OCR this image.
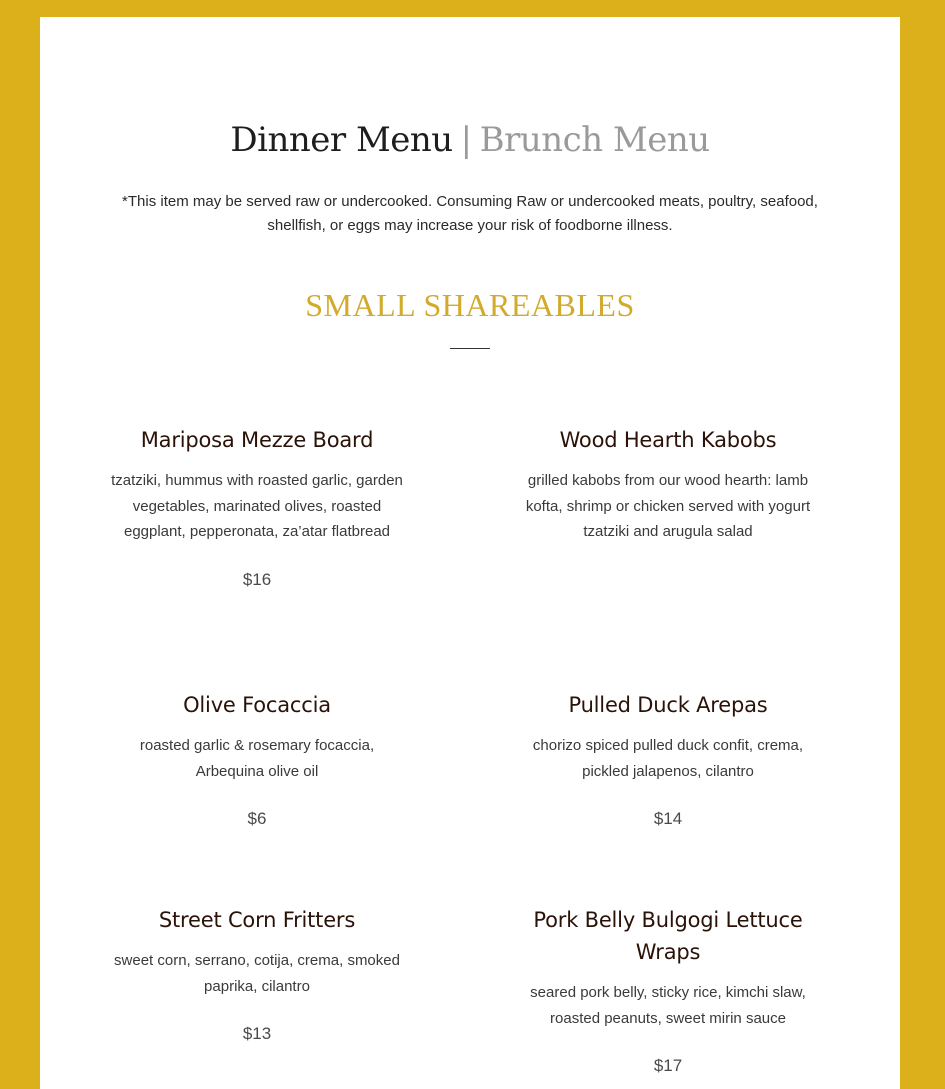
Dinner Menu | Brunch Menu
*This item may be served raw or undercooked. Consuming Raw or undercooked meats, poultry, seafood, shellfish, or eggs may increase your risk of foodborne illness.
SMALL SHAREABLES
Mariposa Mezze Board
tzatziki, hummus with roasted garlic, garden vegetables, marinated olives, roasted eggplant, pepperonata, za’atar flatbread
$16
Wood Hearth Kabobs
grilled kabobs from our wood hearth: lamb kofta, shrimp or chicken served with yogurt tzatziki and arugula salad
Olive Focaccia
roasted garlic & rosemary focaccia, Arbequina olive oil
$6
Pulled Duck Arepas
chorizo spiced pulled duck confit, crema, pickled jalapenos, cilantro
$14
Street Corn Fritters
sweet corn, serrano, cotija, crema, smoked paprika, cilantro
$13
Pork Belly Bulgogi Lettuce Wraps
seared pork belly, sticky rice, kimchi slaw, roasted peanuts, sweet mirin sauce
$17
